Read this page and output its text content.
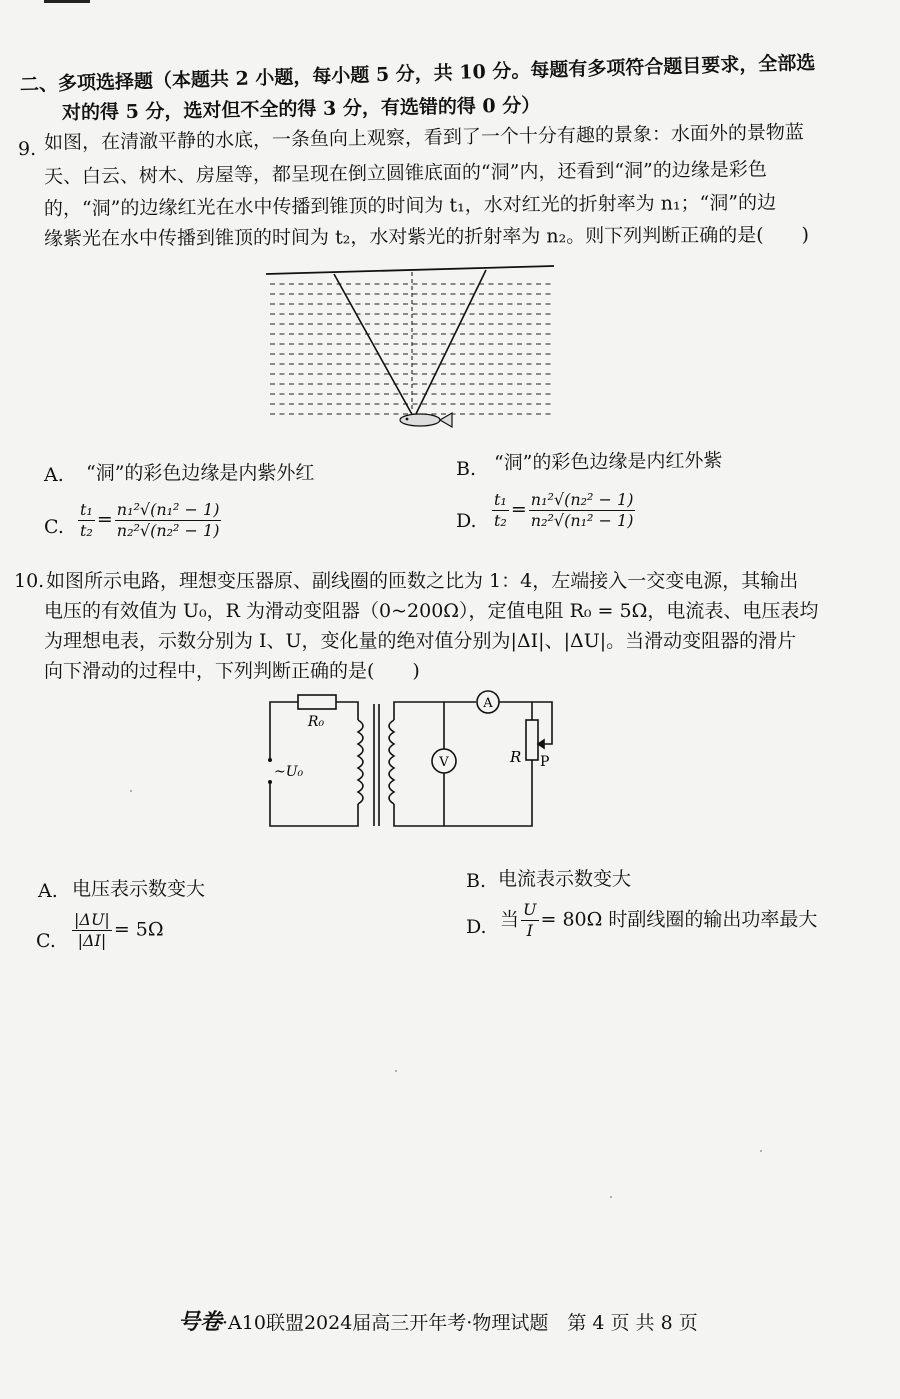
二、多项选择题（本题共 2 小题，每小题 5 分，共 10 分。每题有多项符合题目要求，全部选
对的得 5 分，选对但不全的得 3 分，有选错的得 0 分）
9. 如图，在清澈平静的水底，一条鱼向上观察，看到了一个十分有趣的景象：水面外的景物蓝
天、白云、树木、房屋等，都呈现在倒立圆锥底面的“洞”内，还看到“洞”的边缘是彩色
的，“洞”的边缘红光在水中传播到锥顶的时间为 t₁，水对红光的折射率为 n₁；“洞”的边
缘紫光在水中传播到锥顶的时间为 t₂，水对紫光的折射率为 n₂。则下列判断正确的是(　　)
A. “洞”的彩色边缘是内紫外红	B. “洞”的彩色边缘是内红外紫
C. $\frac{\text{t₁}}{\text{t₂}} = \frac{\text{n₁²√(n₁² − 1)}}{\text{n₂²√(n₂² − 1)}}$	D. $\frac{\text{t₁}}{\text{t₂}} = \frac{\text{n₁²√(n₂² − 1)}}{\text{n₂²√(n₁² − 1)}}$
10. 如图所示电路，理想变压器原、副线圈的匝数之比为 1：4，左端接入一交变电源，其输出
电压的有效值为 U₀，R 为滑动变阻器（0~200Ω），定值电阻 R₀ = 5Ω，电流表、电压表均
为理想电表，示数分别为 I、U，变化量的绝对值分别为|ΔI|、|ΔU|。当滑动变阻器的滑片
向下滑动的过程中，下列判断正确的是(　　)
R₀
~U₀
V
A
R P
A. 电压表示数变大	B. 电流表示数变大
C. $\frac{|\Delta U|}{|\Delta I|} = 5\Omega$	D. 当 $\frac{U}{I} = 80\Omega$ 时副线圈的输出功率最大
号卷·A10联盟2024届高三开年考·物理试题　第 4 页 共 8 页
